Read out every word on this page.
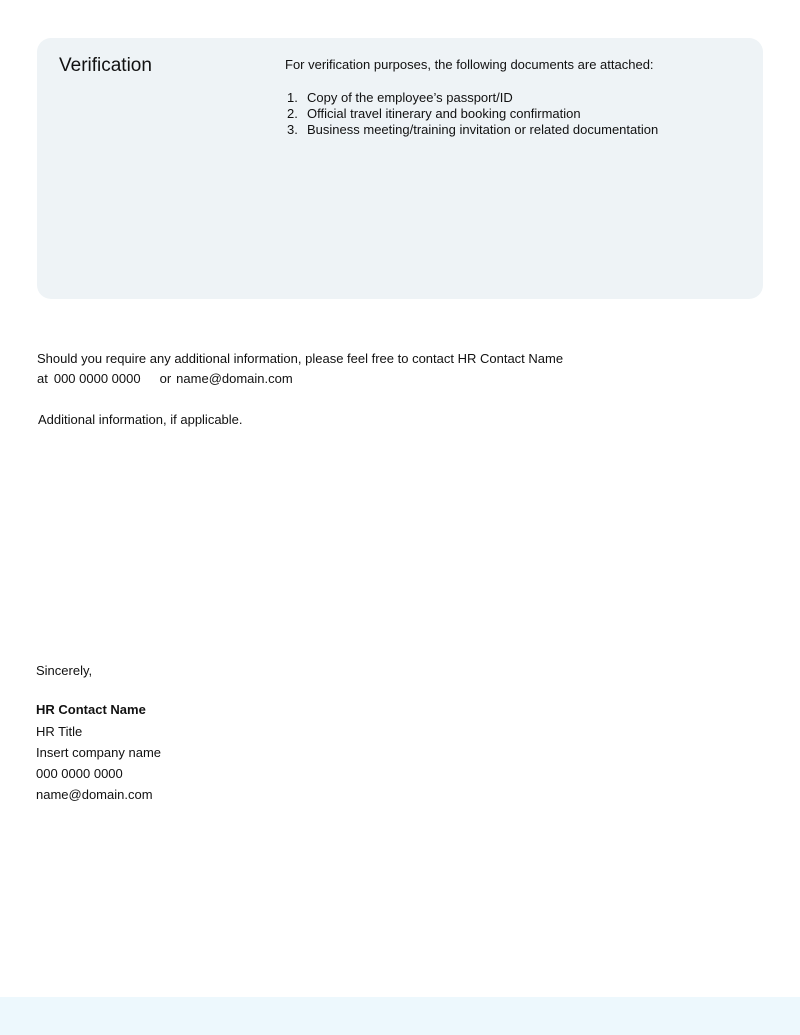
Verification	For verification purposes, the following documents are attached:

1. Copy of the employee’s passport/ID
2. Official travel itinerary and booking confirmation
3. Business meeting/training invitation or related documentation
Should you require any additional information, please feel free to contact HR Contact Name
at 000 0000 0000 or name@domain.com
Additional information, if applicable.
Sincerely,
HR Contact Name
HR Title
Insert company name
000 0000 0000
name@domain.com
